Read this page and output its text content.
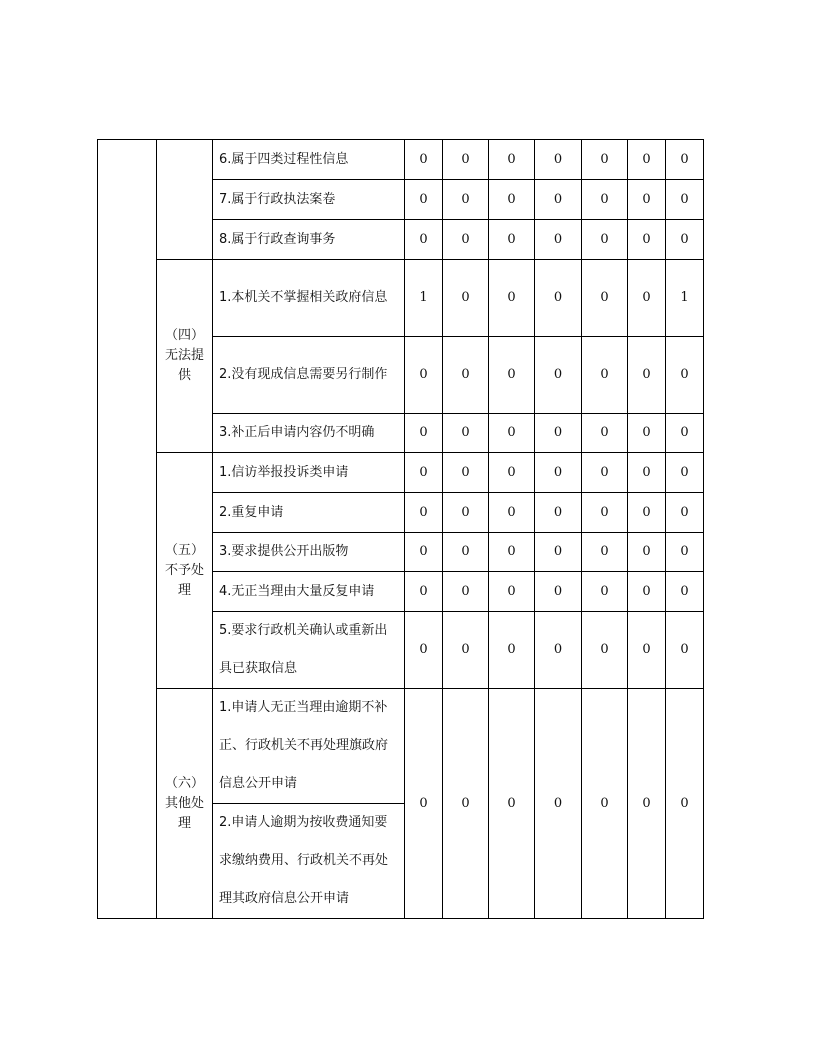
		6.属于四类过程性信息	0	0	0	0	0	0	0
		7.属于行政执法案卷	0	0	0	0	0	0	0
		8.属于行政查询事务	0	0	0	0	0	0	0

	（四）
无法提
供	1.本机关不掌握相关政府信息	1	0	0	0	0	0	1
		2.没有现成信息需要另行制作	0	0	0	0	0	0	0
		3.补正后申请内容仍不明确	0	0	0	0	0	0	0

	（五）
不予处
理	1.信访举报投诉类申请	0	0	0	0	0	0	0
		2.重复申请	0	0	0	0	0	0	0
		3.要求提供公开出版物	0	0	0	0	0	0	0
		4.无正当理由大量反复申请	0	0	0	0	0	0	0
		5.要求行政机关确认或重新出具已获取信息	0	0	0	0	0	0	0

	（六）
其他处
理	1.申请人无正当理由逾期不补正、行政机关不再处理旗政府信息公开申请	0	0	0	0	0	0	0
		2.申请人逾期为按收费通知要求缴纳费用、行政机关不再处理其政府信息公开申请							
